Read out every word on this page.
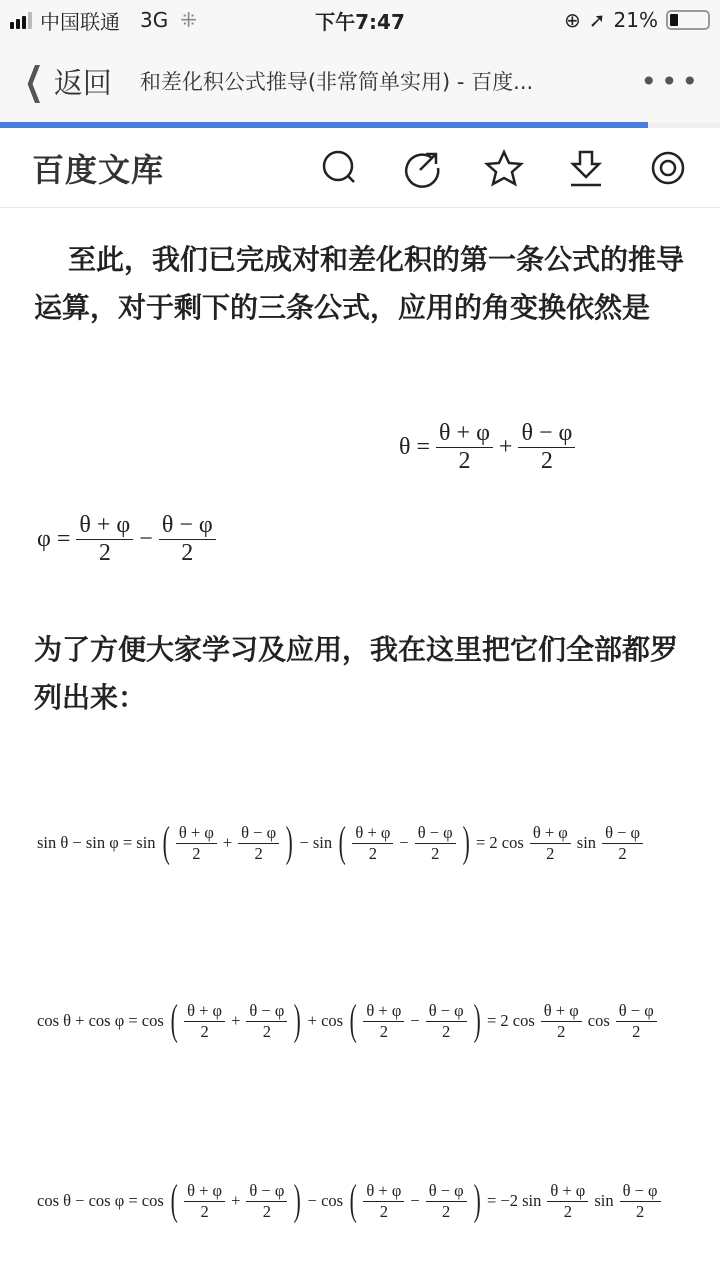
中国联通 3G ⁜	下午7:47	⊕ ➚ 21%
❮ 返回 和差化积公式推导(非常简单实用) - 百度...	•••
百度文库

至此，我们已完成对和差化积的第一条公式的推导运算，对于剩下的三条公式，应用的角变换依然是

$\theta = \frac{\theta + \varphi}{2} + \frac{\theta - \varphi}{2}$
$\varphi = \frac{\theta + \varphi}{2} - \frac{\theta - \varphi}{2}$

为了方便大家学习及应用，我在这里把它们全部都罗列出来：

sin θ − sin φ = sin ( $\frac{\theta + \varphi}{2} + \frac{\theta - \varphi}{2}$ ) − sin ( $\frac{\theta + \varphi}{2} - \frac{\theta - \varphi}{2}$ ) = 2 $\cos \frac{\theta + \varphi}{2}$ $\sin \frac{\theta - \varphi}{2}$
cos θ + cos φ = cos ( $\frac{\theta + \varphi}{2} + \frac{\theta - \varphi}{2}$ ) + cos ( $\frac{\theta + \varphi}{2} - \frac{\theta - \varphi}{2}$ ) = 2 $\cos \frac{\theta + \varphi}{2}$ $\cos \frac{\theta - \varphi}{2}$
cos θ − cos φ = cos ( $\frac{\theta + \varphi}{2} + \frac{\theta - \varphi}{2}$ ) − cos ( $\frac{\theta + \varphi}{2} - \frac{\theta - \varphi}{2}$ ) = −2 $\sin \frac{\theta + \varphi}{2}$ $\sin \frac{\theta - \varphi}{2}$
